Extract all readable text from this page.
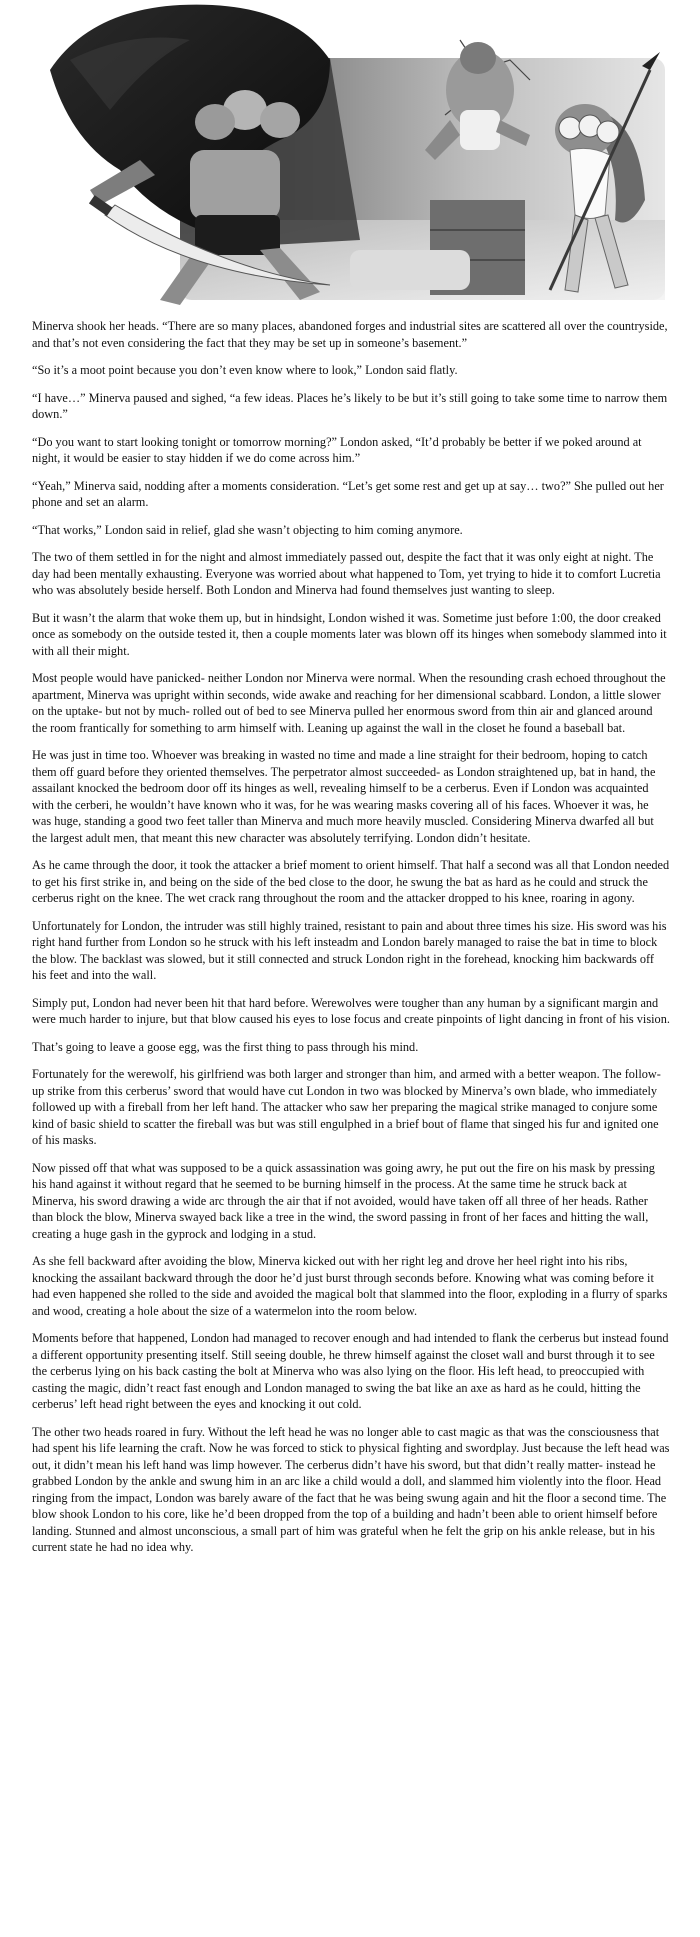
Minerva shook her heads. “There are so many places, abandoned forges and industrial sites are scattered all over the countryside, and that’s not even considering the fact that they may be set up in someone’s basement.”

“So it’s a moot point because you don’t even know where to look,” London said flatly.

“I have…” Minerva paused and sighed, “a few ideas. Places he’s likely to be but it’s still going to take some time to narrow them down.”

“Do you want to start looking tonight or tomorrow morning?” London asked, “It’d probably be better if we poked around at night, it would be easier to stay hidden if we do come across him.”

“Yeah,” Minerva said, nodding after a moments consideration. “Let’s get some rest and get up at say… two?” She pulled out her phone and set an alarm.

“That works,” London said in relief, glad she wasn’t objecting to him coming anymore.

The two of them settled in for the night and almost immediately passed out, despite the fact that it was only eight at night. The day had been mentally exhausting. Everyone was worried about what happened to Tom, yet trying to hide it to comfort Lucretia who was absolutely beside herself. Both London and Minerva had found themselves just wanting to sleep.

But it wasn’t the alarm that woke them up, but in hindsight, London wished it was. Sometime just before 1:00, the door creaked once as somebody on the outside tested it, then a couple moments later was blown off its hinges when somebody slammed into it with all their might.

Most people would have panicked- neither London nor Minerva were normal. When the resounding crash echoed throughout the apartment, Minerva was upright within seconds, wide awake and reaching for her dimensional scabbard. London, a little slower on the uptake- but not by much- rolled out of bed to see Minerva pulled her enormous sword from thin air and glanced around the room frantically for something to arm himself with. Leaning up against the wall in the closet he found a baseball bat.

He was just in time too. Whoever was breaking in wasted no time and made a line straight for their bedroom, hoping to catch them off guard before they oriented themselves. The perpetrator almost succeeded- as London straightened up, bat in hand, the assailant knocked the bedroom door off its hinges as well, revealing himself to be a cerberus. Even if London was acquainted with the cerberi, he wouldn’t have known who it was, for he was wearing masks covering all of his faces. Whoever it was, he was huge, standing a good two feet taller than Minerva and much more heavily muscled. Considering Minerva dwarfed all but the largest adult men, that meant this new character was absolutely terrifying. London didn’t hesitate.

As he came through the door, it took the attacker a brief moment to orient himself. That half a second was all that London needed to get his first strike in, and being on the side of the bed close to the door, he swung the bat as hard as he could and struck the cerberus right on the knee. The wet crack rang throughout the room and the attacker dropped to his knee, roaring in agony.

Unfortunately for London, the intruder was still highly trained, resistant to pain and about three times his size. His sword was his right hand further from London so he struck with his left insteadm and London barely managed to raise the bat in time to block the blow. The backlast was slowed, but it still connected and struck London right in the forehead, knocking him backwards off his feet and into the wall.

Simply put, London had never been hit that hard before. Werewolves were tougher than any human by a significant margin and were much harder to injure, but that blow caused his eyes to lose focus and create pinpoints of light dancing in front of his vision.

That’s going to leave a goose egg, was the first thing to pass through his mind.

Fortunately for the werewolf, his girlfriend was both larger and stronger than him, and armed with a better weapon. The follow-up strike from this cerberus’ sword that would have cut London in two was blocked by Minerva’s own blade, who immediately followed up with a fireball from her left hand. The attacker who saw her preparing the magical strike managed to conjure some kind of basic shield to scatter the fireball was but was still engulphed in a brief bout of flame that singed his fur and ignited one of his masks.

Now pissed off that what was supposed to be a quick assassination was going awry, he put out the fire on his mask by pressing his hand against it without regard that he seemed to be burning himself in the process. At the same time he struck back at Minerva, his sword drawing a wide arc through the air that if not avoided, would have taken off all three of her heads. Rather than block the blow, Minerva swayed back like a tree in the wind, the sword passing in front of her faces and hitting the wall, creating a huge gash in the gyprock and lodging in a stud.

As she fell backward after avoiding the blow, Minerva kicked out with her right leg and drove her heel right into his ribs, knocking the assailant backward through the door he’d just burst through seconds before. Knowing what was coming before it had even happened she rolled to the side and avoided the magical bolt that slammed into the floor, exploding in a flurry of sparks and wood, creating a hole about the size of a watermelon into the room below.

Moments before that happened, London had managed to recover enough and had intended to flank the cerberus but instead found a different opportunity presenting itself. Still seeing double, he threw himself against the closet wall and burst through it to see the cerberus lying on his back casting the bolt at Minerva who was also lying on the floor. His left head, to preoccupied with casting the magic, didn’t react fast enough and London managed to swing the bat like an axe as hard as he could, hitting the cerberus’ left head right between the eyes and knocking it out cold.

The other two heads roared in fury. Without the left head he was no longer able to cast magic as that was the consciousness that had spent his life learning the craft. Now he was forced to stick to physical fighting and swordplay. Just because the left head was out, it didn’t mean his left hand was limp however. The cerberus didn’t have his sword, but that didn’t really matter- instead he grabbed London by the ankle and swung him in an arc like a child would a doll, and slammed him violently into the floor. Head ringing from the impact, London was barely aware of the fact that he was being swung again and hit the floor a second time. The blow shook London to his core, like he’d been dropped from the top of a building and hadn’t been able to orient himself before landing. Stunned and almost unconscious, a small part of him was grateful when he felt the grip on his ankle release, but in his current state he had no idea why.
